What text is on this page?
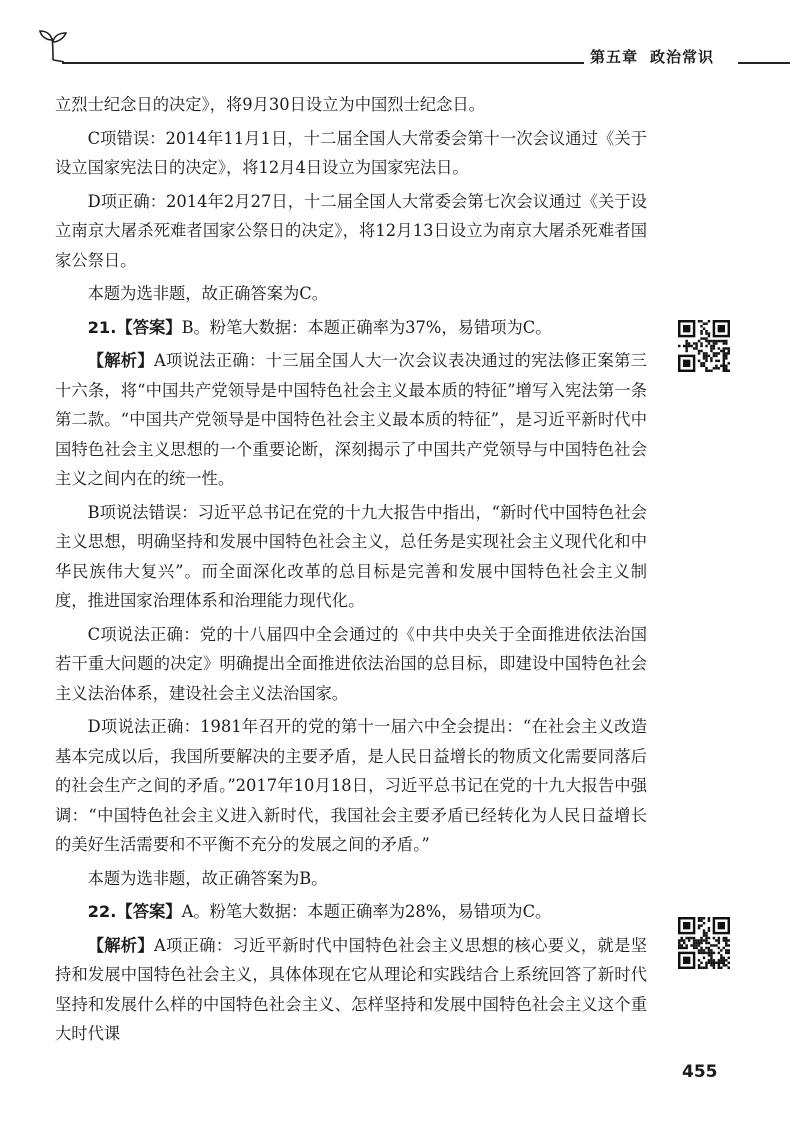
第五章 政治常识

立烈士纪念日的决定》，将9月30日设立为中国烈士纪念日。

C项错误：2014年11月1日，十二届全国人大常委会第十一次会议通过《关于设立国家宪法日的决定》，将12月4日设立为国家宪法日。

D项正确：2014年2月27日，十二届全国人大常委会第七次会议通过《关于设立南京大屠杀死难者国家公祭日的决定》，将12月13日设立为南京大屠杀死难者国家公祭日。

本题为选非题，故正确答案为C。

21.【答案】B。粉笔大数据：本题正确率为37%，易错项为C。

【解析】A项说法正确：十三届全国人大一次会议表决通过的宪法修正案第三十六条，将“中国共产党领导是中国特色社会主义最本质的特征”增写入宪法第一条第二款。“中国共产党领导是中国特色社会主义最本质的特征”，是习近平新时代中国特色社会主义思想的一个重要论断，深刻揭示了中国共产党领导与中国特色社会主义之间内在的统一性。

B项说法错误：习近平总书记在党的十九大报告中指出，“新时代中国特色社会主义思想，明确坚持和发展中国特色社会主义，总任务是实现社会主义现代化和中华民族伟大复兴”。而全面深化改革的总目标是完善和发展中国特色社会主义制度，推进国家治理体系和治理能力现代化。

C项说法正确：党的十八届四中全会通过的《中共中央关于全面推进依法治国若干重大问题的决定》明确提出全面推进依法治国的总目标，即建设中国特色社会主义法治体系，建设社会主义法治国家。

D项说法正确：1981年召开的党的第十一届六中全会提出：“在社会主义改造基本完成以后，我国所要解决的主要矛盾，是人民日益增长的物质文化需要同落后的社会生产之间的矛盾。”2017年10月18日，习近平总书记在党的十九大报告中强调：“中国特色社会主义进入新时代，我国社会主要矛盾已经转化为人民日益增长的美好生活需要和不平衡不充分的发展之间的矛盾。”

本题为选非题，故正确答案为B。

22.【答案】A。粉笔大数据：本题正确率为28%，易错项为C。

【解析】A项正确：习近平新时代中国特色社会主义思想的核心要义，就是坚持和发展中国特色社会主义，具体体现在它从理论和实践结合上系统回答了新时代坚持和发展什么样的中国特色社会主义、怎样坚持和发展中国特色社会主义这个重大时代课

455
